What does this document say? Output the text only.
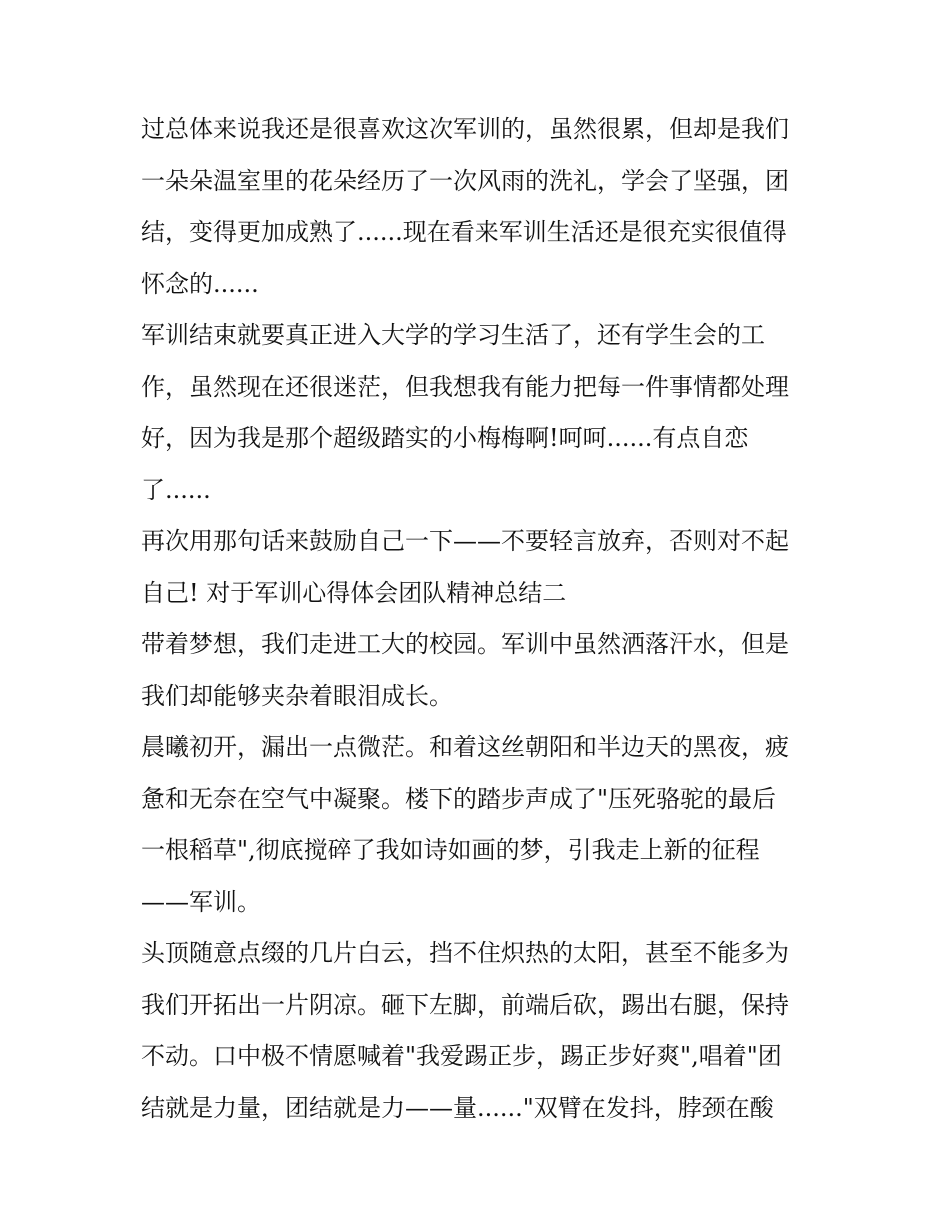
过总体来说我还是很喜欢这次军训的，虽然很累，但却是我们
一朵朵温室里的花朵经历了一次风雨的洗礼，学会了坚强，团
结，变得更加成熟了......现在看来军训生活还是很充实很值得
怀念的......
军训结束就要真正进入大学的学习生活了，还有学生会的工
作，虽然现在还很迷茫，但我想我有能力把每一件事情都处理
好，因为我是那个超级踏实的小梅梅啊!呵呵......有点自恋
了......
再次用那句话来鼓励自己一下——不要轻言放弃，否则对不起
自己! 对于军训心得体会团队精神总结二
带着梦想，我们走进工大的校园。军训中虽然洒落汗水，但是
我们却能够夹杂着眼泪成长。
晨曦初开，漏出一点微茫。和着这丝朝阳和半边天的黑夜，疲
惫和无奈在空气中凝聚。楼下的踏步声成了"压死骆驼的最后
一根稻草",彻底搅碎了我如诗如画的梦，引我走上新的征程
——军训。
头顶随意点缀的几片白云，挡不住炽热的太阳，甚至不能多为
我们开拓出一片阴凉。砸下左脚，前端后砍，踢出右腿，保持
不动。口中极不情愿喊着"我爱踢正步，踢正步好爽",唱着"团
结就是力量，团结就是力——量......"双臂在发抖，脖颈在酸
